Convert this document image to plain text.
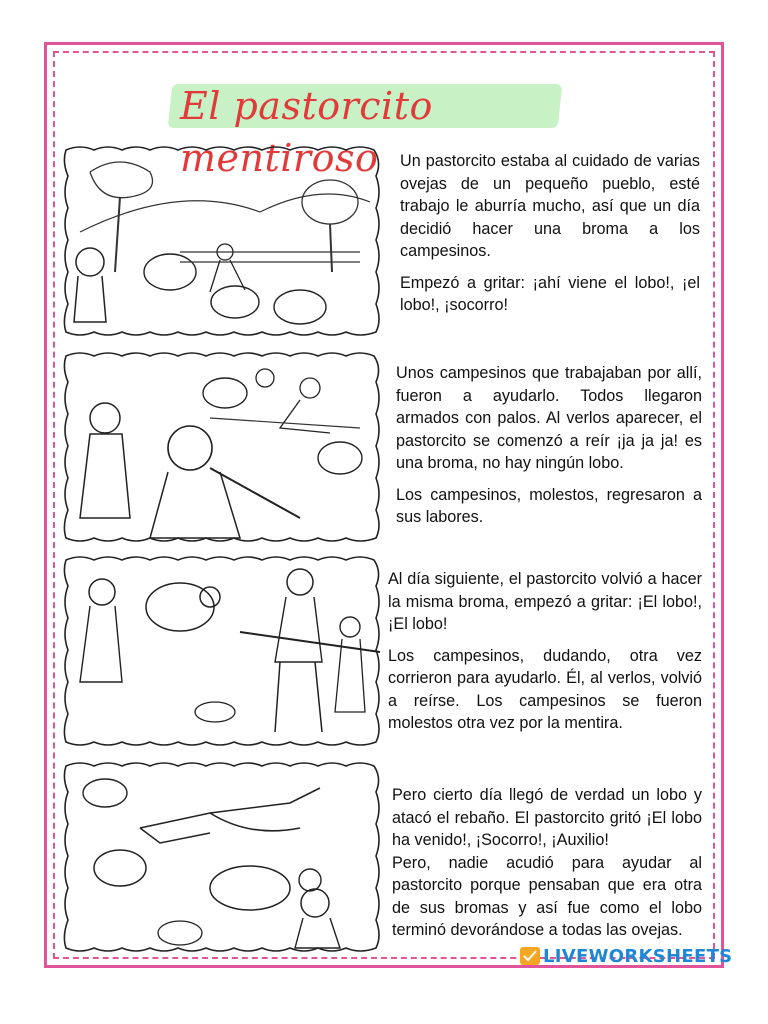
El pastorcito mentiroso	Un pastorcito estaba al cuidado de varias ovejas de un pequeño pueblo, esté trabajo le aburría mucho, así que un día decidió hacer una broma a los campesinos.

Empezó a gritar: ¡ahí viene el lobo!, ¡el lobo!, ¡socorro!

Unos campesinos que trabajaban por allí, fueron a ayudarlo. Todos llegaron armados con palos. Al verlos aparecer, el pastorcito se comenzó a reír ¡ja ja ja! es una broma, no hay ningún lobo.

Los campesinos, molestos, regresaron a sus labores.

Al día siguiente, el pastorcito volvió a hacer la misma broma, empezó a gritar: ¡El lobo!, ¡El lobo!

Los campesinos, dudando, otra vez corrieron para ayudarlo. Él, al verlos, volvió a reírse. Los campesinos se fueron molestos otra vez por la mentira.

Pero cierto día llegó de verdad un lobo y atacó el rebaño. El pastorcito gritó ¡El lobo ha venido!, ¡Socorro!, ¡Auxilio!

Pero, nadie acudió para ayudar al pastorcito porque pensaban que era otra de sus bromas y así fue como el lobo terminó devorándose a todas las ovejas.

LIVEWORKSHEETS
